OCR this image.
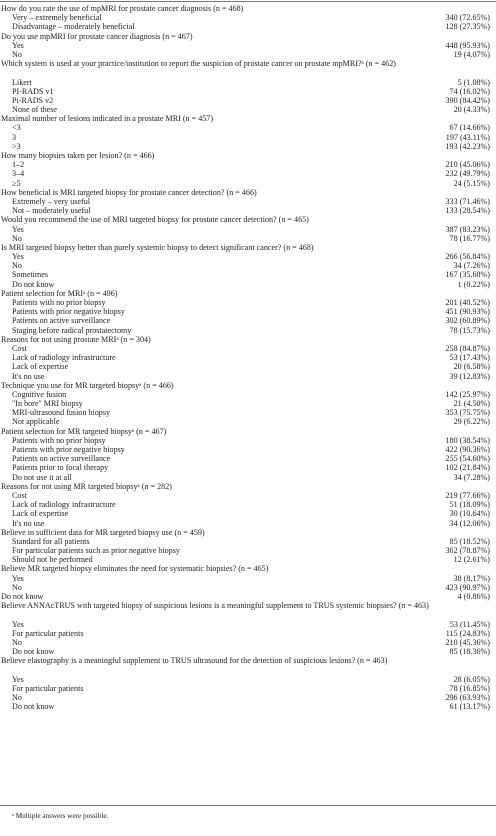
How do you rate the use of mpMRI for prostate cancer diagnosis (n = 468)
Very – extremely beneficial	340 (72.65%)
Disadvantage – moderately beneficial	128 (27.35%)
Do you use mpMRI for prostate cancer diagnosis (n = 467)
Yes	448 (95.93%)
No	19 (4.07%)
Which system is used at your practice/institution to report the suspicion of prostate cancer on prostate mpMRI?ᵃ (n = 462)
Likert	5 (1.08%)
PI-RADS v1	74 (16.02%)
Pi-RADS v2	390 (84.42%)
None of these	20 (4.33%)
Maximal number of lesions indicated in a prostate MRI (n = 457)
<3	67 (14.66%)
3	197 (43.11%)
>3	193 (42.23%)
How many biopsies taken per lesion? (n = 466)
1–2	210 (45.06%)
3–4	232 (49.79%)
≥5	24 (5.15%)
How beneficial is MRI targeted biopsy for prostate cancer detection? (n = 466)
Extremely – very useful	333 (71.46%)
Not – moderately useful	133 (28.54%)
Would you recommend the use of MRI targeted biopsy for prostate cancer detection? (n = 465)
Yes	387 (83.23%)
No	78 (16.77%)
Is MRI targeted biopsy better than purely systemic biopsy to detect significant cancer? (n = 468)
Yes	266 (56.84%)
No	34 (7.26%)
Sometimes	167 (35.68%)
Do not know	1 (0.22%)
Patient selection for MRIᵃ (n = 496)
Patients with no prior biopsy	201 (40.52%)
Patients with prior negative biopsy	451 (90.93%)
Patients on active surveillance	302 (60.89%)
Staging before radical prostatectomy	78 (15.73%)
Reasons for not using prostate MRIᵃ (n = 304)
Cost	258 (84.87%)
Lack of radiology infrastructure	53 (17.43%)
Lack of expertise	20 (6.58%)
It's no use	39 (12.83%)
Technique you use for MR targeted biopsyᵃ (n = 466)
Cognitive fusion	142 (25.97%)
"In bore" MRI biopsy	21 (4.50%)
MRI-ultrasound fusion biopsy	353 (75.75%)
Not applicable	29 (6.22%)
Patient selection for MR targeted biopsyᵃ (n = 467)
Patients with no prior biopsy	180 (38.54%)
Patients with prior negative biopsy	422 (90.36%)
Patients on active surveillance	255 (54.60%)
Patients prior to focal therapy	102 (21.84%)
Do not use it at all	34 (7.28%)
Reasons for not using MR targeted biopsyᵃ (n = 282)
Cost	219 (77.66%)
Lack of radiology infrastructure	51 (18.09%)
Lack of expertise	30 (10.64%)
It's no use	34 (12.06%)
Believe in sufficient data for MR targeted biopsy use (n = 459)
Standard for all patients	85 (18.52%)
For particular patients such as prior negative biopsy	362 (78.87%)
Should not be performed	12 (2.61%)
Believe MR targeted biopsy eliminates the need for systematic biopsies? (n = 465)
Yes	38 (8.17%)
No	423 (90.97%)
Do not know	4 (0.86%)
Believe ANNAcTRUS with targeted biopsy of suspicious lesions is a meaningful supplement to TRUS systemic biopsies? (n = 463)
Yes	53 (11.45%)
For particular patients	115 (24.83%)
No	210 (45.36%)
Do not know	85 (18.36%)
Believe elastography is a meaningful supplement to TRUS ultrasound for the detection of suspicious lesions? (n = 463)
Yes	28 (6.05%)
For particular patients	78 (16.85%)
No	296 (63.93%)
Do not know	61 (13.17%)
ᵃ Multiple answers were possible.
